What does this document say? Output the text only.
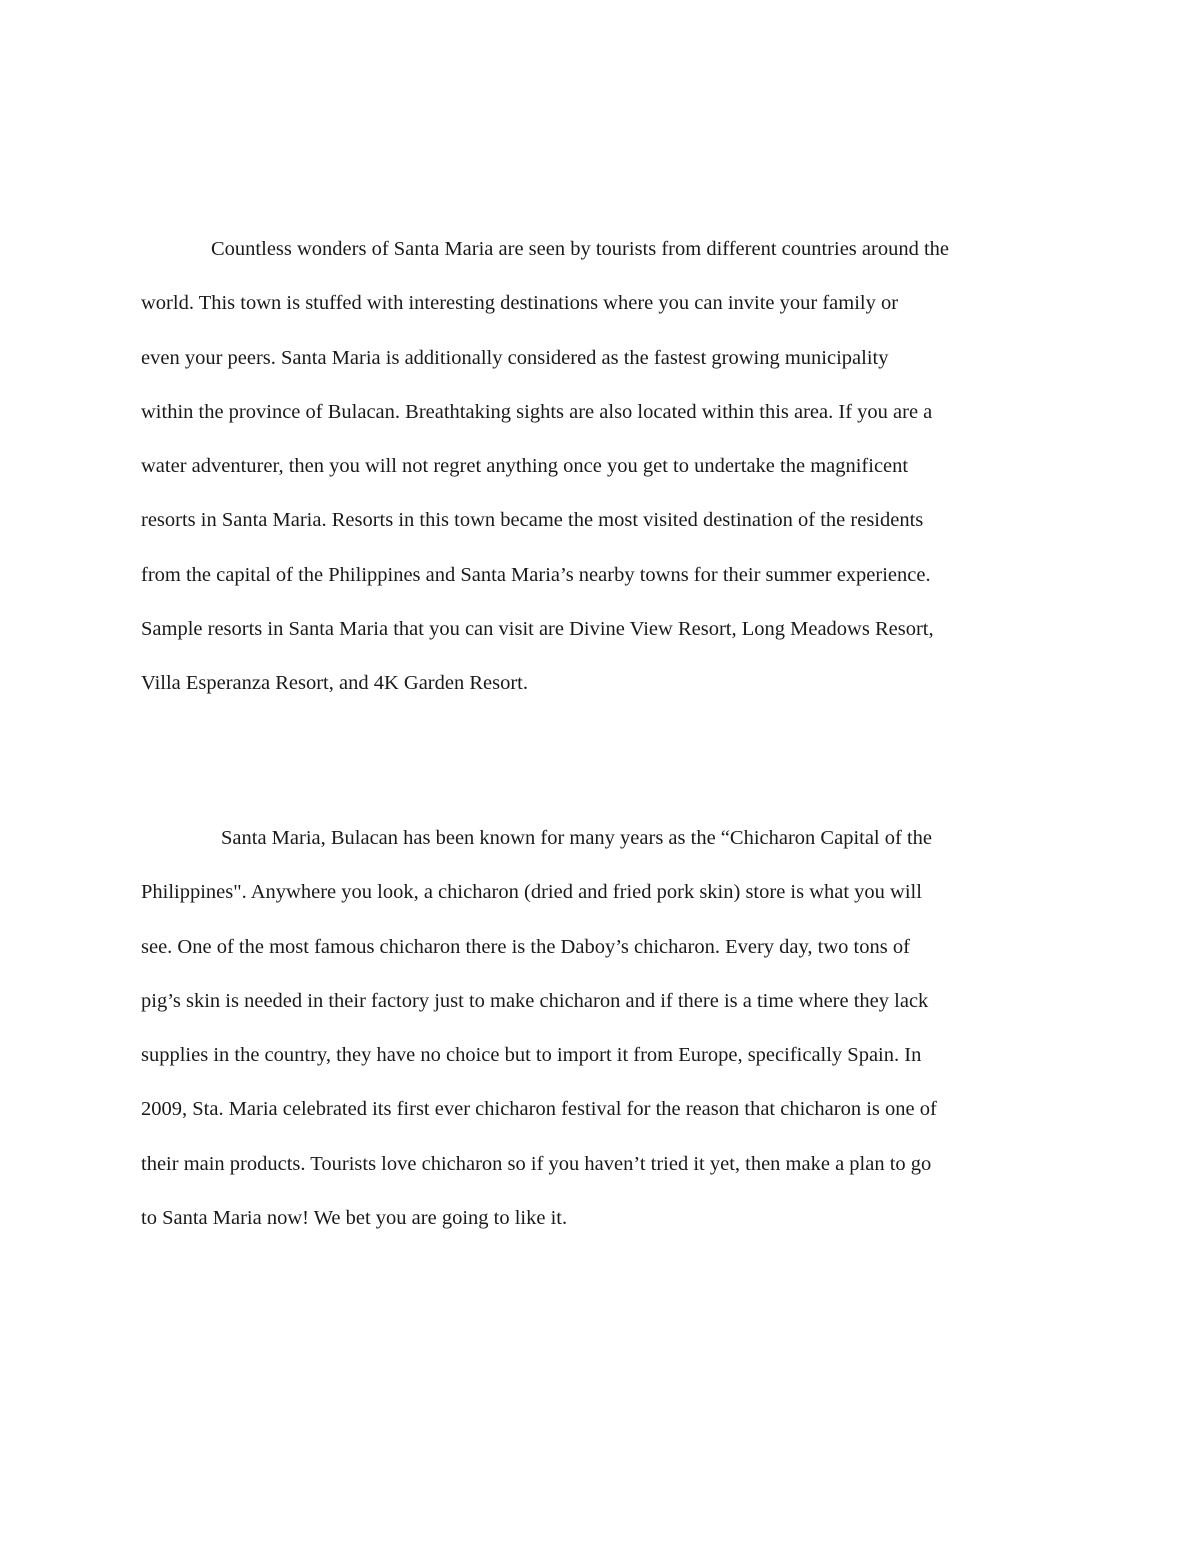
Countless wonders of Santa Maria are seen by tourists from different countries around the
world. This town is stuffed with interesting destinations where you can invite your family or
even your peers. Santa Maria is additionally considered as the fastest growing municipality
within the province of Bulacan. Breathtaking sights are also located within this area. If you are a
water adventurer, then you will not regret anything once you get to undertake the magnificent
resorts in Santa Maria. Resorts in this town became the most visited destination of the residents
from the capital of the Philippines and Santa Maria’s nearby towns for their summer experience.
Sample resorts in Santa Maria that you can visit are Divine View Resort, Long Meadows Resort,
Villa Esperanza Resort, and 4K Garden Resort.

Santa Maria, Bulacan has been known for many years as the “Chicharon Capital of the
Philippines". Anywhere you look, a chicharon (dried and fried pork skin) store is what you will
see. One of the most famous chicharon there is the Daboy’s chicharon. Every day, two tons of
pig’s skin is needed in their factory just to make chicharon and if there is a time where they lack
supplies in the country, they have no choice but to import it from Europe, specifically Spain. In
2009, Sta. Maria celebrated its first ever chicharon festival for the reason that chicharon is one of
their main products. Tourists love chicharon so if you haven’t tried it yet, then make a plan to go
to Santa Maria now! We bet you are going to like it.
